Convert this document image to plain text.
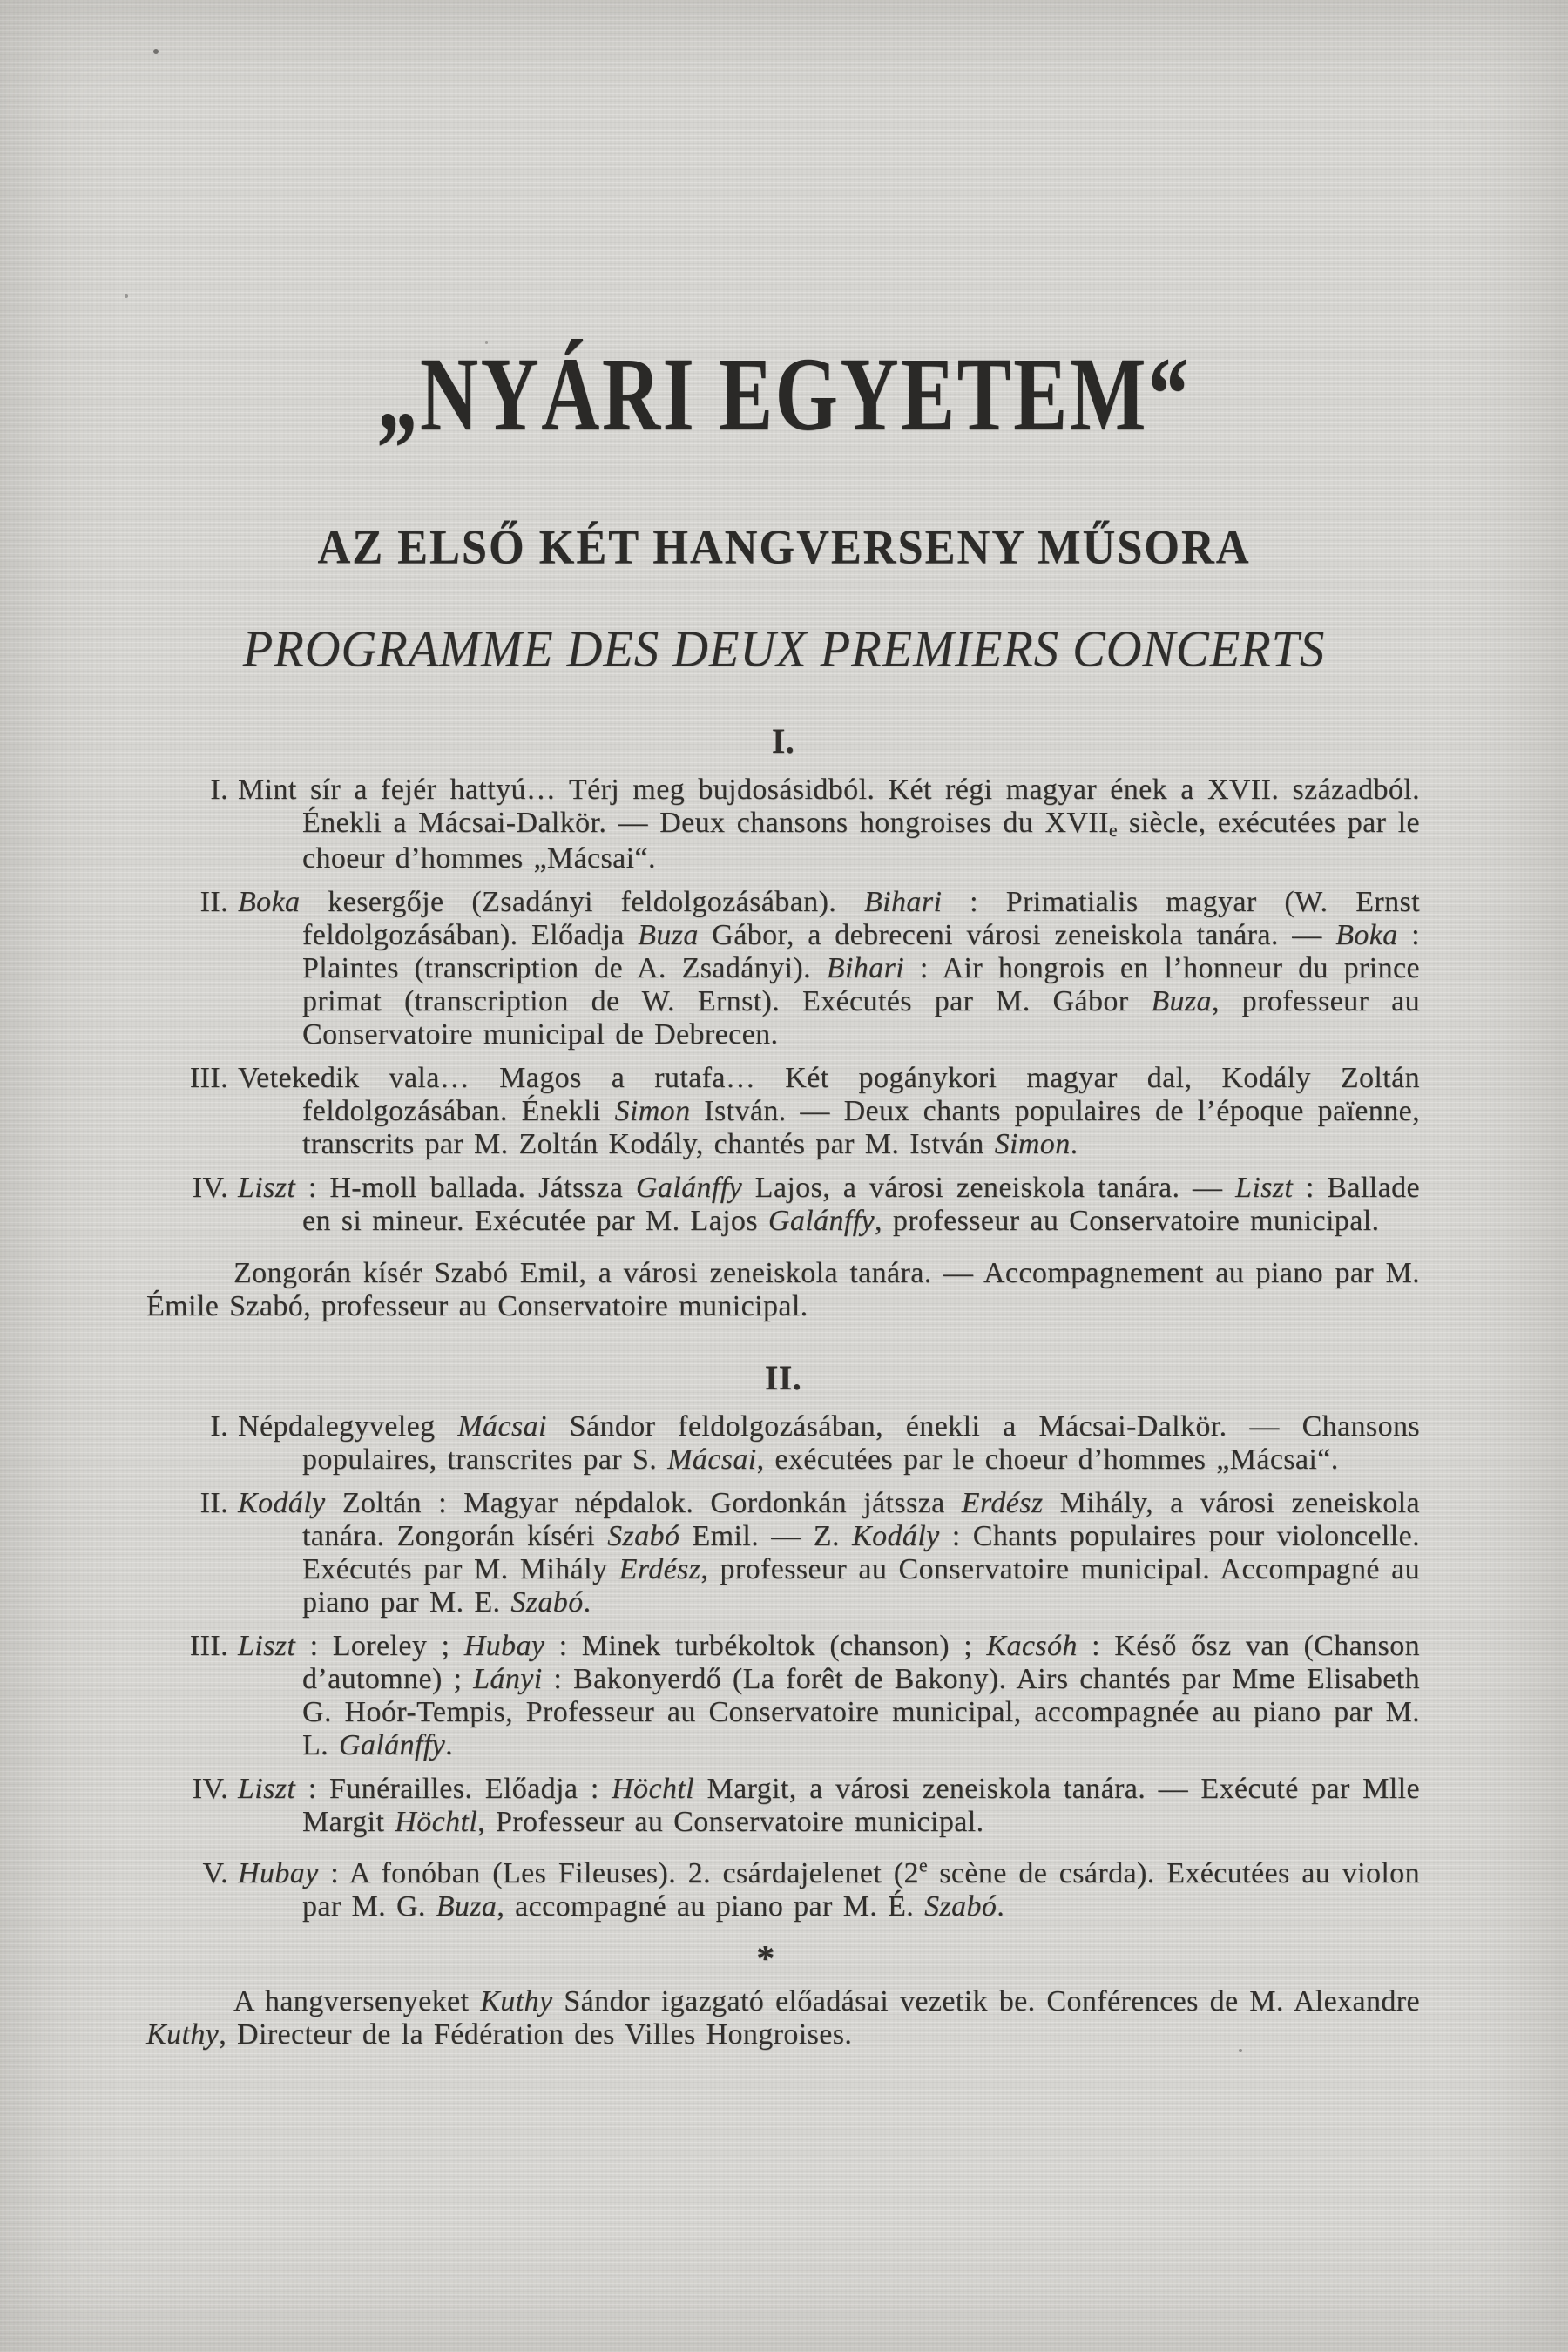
„NYÁRI EGYETEM“
AZ ELSŐ KÉT HANGVERSENY MŰSORA
PROGRAMME DES DEUX PREMIERS CONCERTS
I.
I. Mint sír a fejér hattyú… Térj meg bujdosásidból. Két régi magyar ének a XVII. századból. Énekli a Mácsai-Dalkör. — Deux chansons hongroises du XVIIe siècle, exécutées par le choeur d’hommes „Mácsai“.
II. Boka kesergője (Zsadányi feldolgozásában). Bihari : Primatialis magyar (W. Ernst feldolgozásában). Előadja Buza Gábor, a debreceni városi zeneiskola tanára. — Boka : Plaintes (transcription de A. Zsadányi). Bihari : Air hongrois en l’honneur du prince primat (transcription de W. Ernst). Exécutés par M. Gábor Buza, professeur au Conservatoire municipal de Debrecen.
III. Vetekedik vala… Magos a rutafa… Két pogánykori magyar dal, Kodály Zoltán feldolgozásában. Énekli Simon István. — Deux chants populaires de l’époque païenne, transcrits par M. Zoltán Kodály, chantés par M. István Simon.
IV. Liszt : H-moll ballada. Játssza Galánffy Lajos, a városi zeneiskola tanára. — Liszt : Ballade en si mineur. Exécutée par M. Lajos Galánffy, professeur au Conservatoire municipal.

Zongorán kísér Szabó Emil, a városi zeneiskola tanára. — Accompagnement au piano par M. Émile Szabó, professeur au Conservatoire municipal.

II.
I. Népdalegyveleg Mácsai Sándor feldolgozásában, énekli a Mácsai-Dalkör. — Chansons populaires, transcrites par S. Mácsai, exécutées par le choeur d’hommes „Mácsai“.
II. Kodály Zoltán : Magyar népdalok. Gordonkán játssza Erdész Mihály, a városi zeneiskola tanára. Zongorán kíséri Szabó Emil. — Z. Kodály : Chants populaires pour violoncelle. Exécutés par M. Mihály Erdész, professeur au Conservatoire municipal. Accompagné au piano par M. E. Szabó.
III. Liszt : Loreley ; Hubay : Minek turbékoltok (chanson) ; Kacsóh : Késő ősz van (Chanson d’automne) ; Lányi : Bakonyerdő (La forêt de Bakony). Airs chantés par Mme Elisabeth G. Hoór-Tempis, Professeur au Conservatoire municipal, accompagnée au piano par M. L. Galánffy.
IV. Liszt : Funérailles. Előadja : Höchtl Margit, a városi zeneiskola tanára. — Exécuté par Mlle Margit Höchtl, Professeur au Conservatoire municipal.
V. Hubay : A fonóban (Les Fileuses). 2. csárdajelenet (2e scène de csárda). Exécutées au violon par M. G. Buza, accompagné au piano par M. É. Szabó.
*

A hangversenyeket Kuthy Sándor igazgató előadásai vezetik be. Conférences de M. Alexandre Kuthy, Directeur de la Fédération des Villes Hongroises.
